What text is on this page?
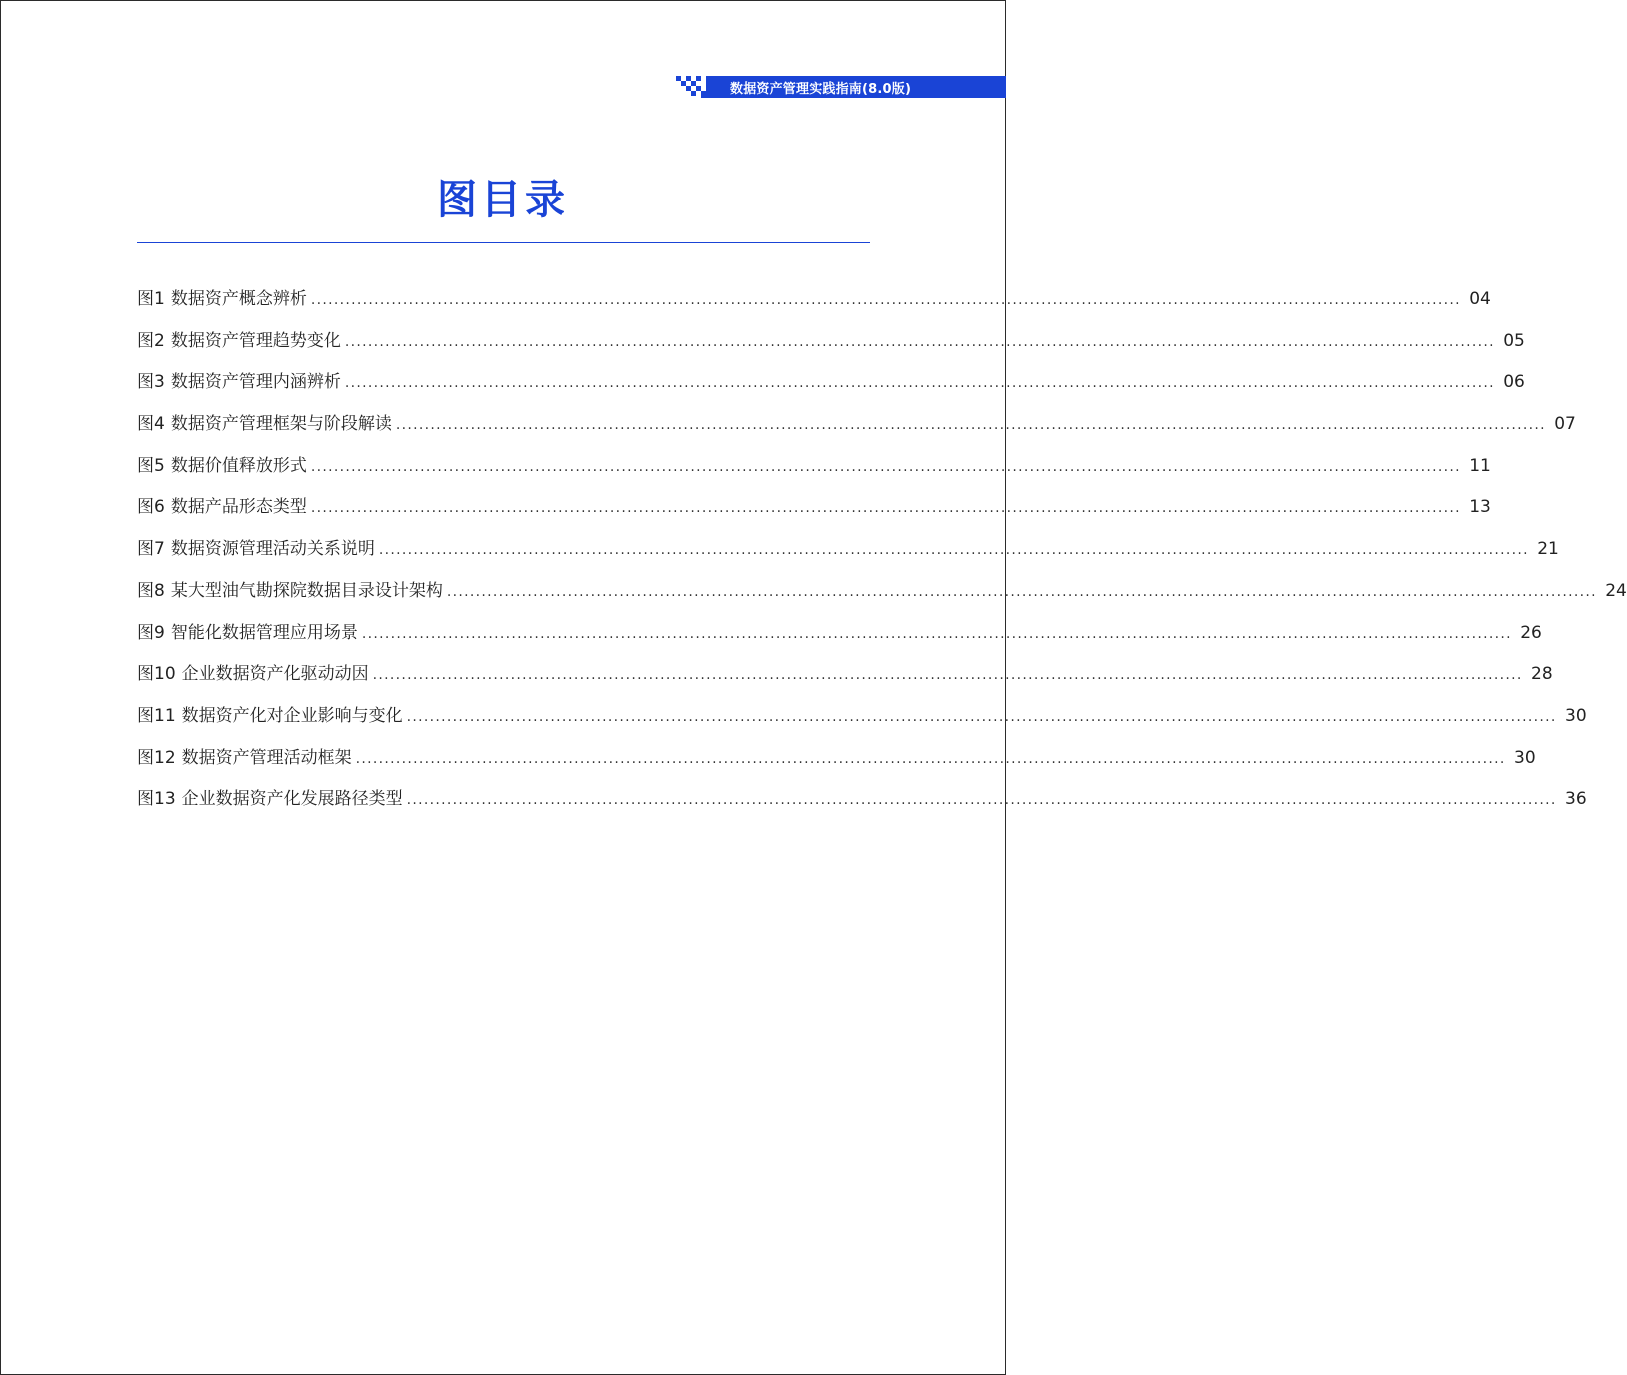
数据资产管理实践指南(8.0版)
图目录
图1 数据资产概念辨析 ........................................................................................................................................................................................................ 04
图2 数据资产管理趋势变化 ........................................................................................................................................................................................................ 05
图3 数据资产管理内涵辨析 ........................................................................................................................................................................................................ 06
图4 数据资产管理框架与阶段解读 ........................................................................................................................................................................................................ 07
图5 数据价值释放形式 ........................................................................................................................................................................................................ 11
图6 数据产品形态类型 ........................................................................................................................................................................................................ 13
图7 数据资源管理活动关系说明 ........................................................................................................................................................................................................ 21
图8 某大型油气勘探院数据目录设计架构 ........................................................................................................................................................................................................ 24
图9 智能化数据管理应用场景 ........................................................................................................................................................................................................ 26
图10 企业数据资产化驱动动因 ........................................................................................................................................................................................................ 28
图11 数据资产化对企业影响与变化 ........................................................................................................................................................................................................ 30
图12 数据资产管理活动框架 ........................................................................................................................................................................................................ 30
图13 企业数据资产化发展路径类型 ........................................................................................................................................................................................................ 36
